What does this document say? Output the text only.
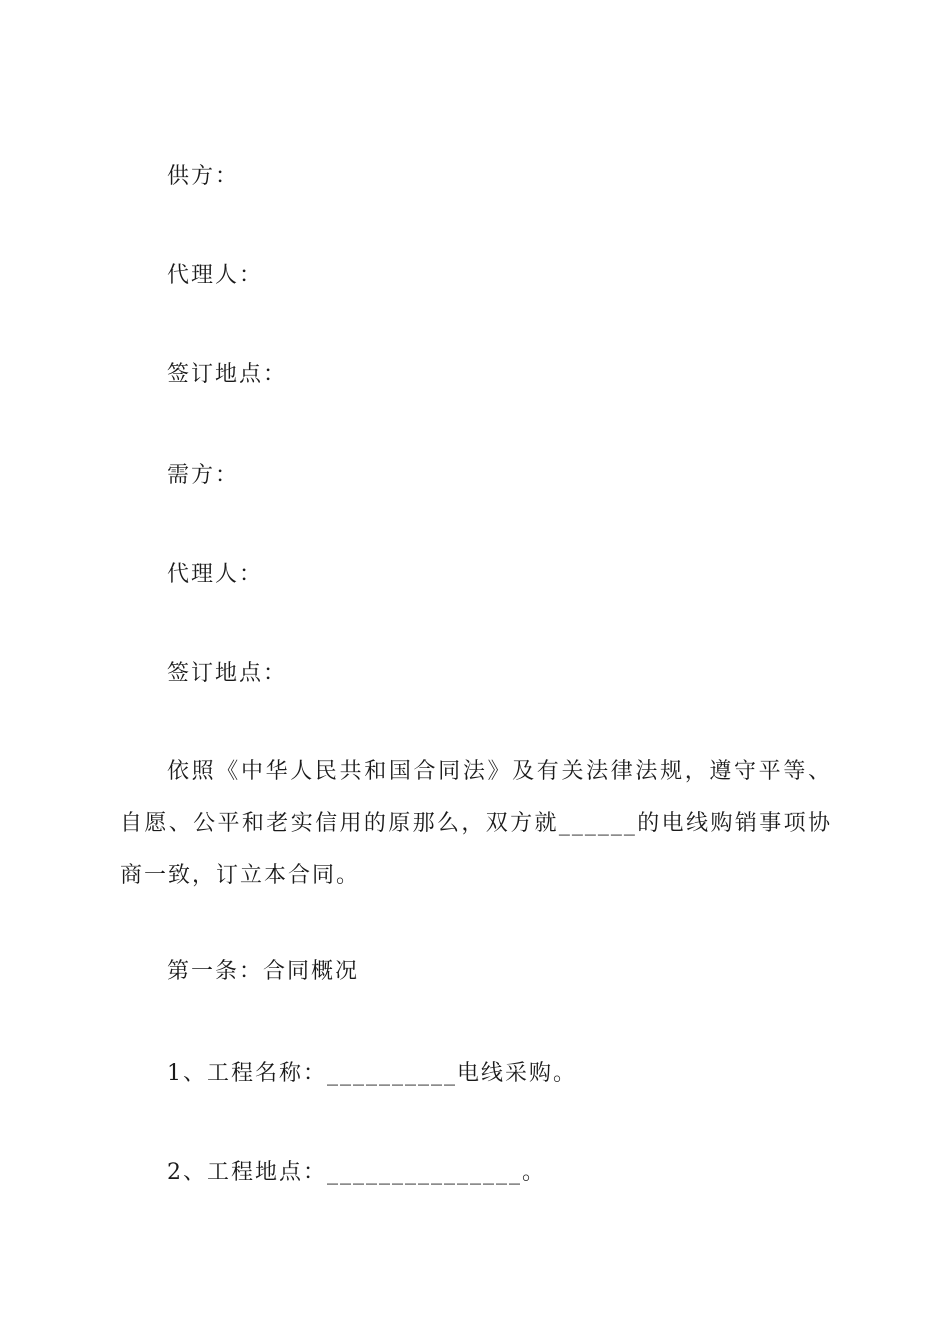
供方：
代理人：
签订地点：
需方：
代理人：
签订地点：
依照《中华人民共和国合同法》及有关法律法规，遵守平等、自愿、公平和老实信用的原那么，双方就______的电线购销事项协商一致，订立本合同。
第一条：合同概况
1、工程名称：__________电线采购。
2、工程地点：_______________。
